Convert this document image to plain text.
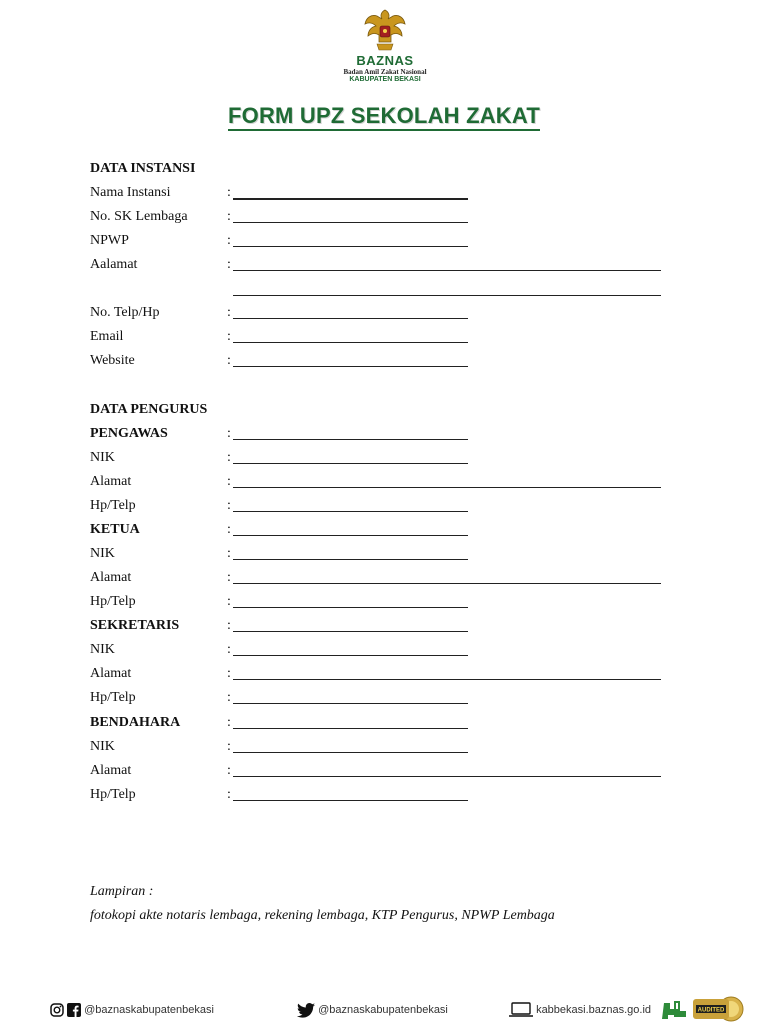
BAZNAS
Badan Amil Zakat Nasional
KABUPATEN BEKASI
FORM UPZ SEKOLAH ZAKAT
DATA INSTANSI
Nama Instansi	:
No. SK Lembaga	:
NPWP	:
Aalamat	:
No. Telp/Hp	:
Email	:
Website	:
DATA PENGURUS
PENGAWAS	:
NIK	:
Alamat	:
Hp/Telp	:
KETUA	:
NIK	:
Alamat	:
Hp/Telp	:
SEKRETARIS	:
NIK	:
Alamat	:
Hp/Telp	:
BENDAHARA	:
NIK	:
Alamat	:
Hp/Telp	:
Lampiran :
fotokopi akte notaris lembaga, rekening lembaga, KTP Pengurus, NPWP Lembaga
@baznaskabupatenbekasi	@baznaskabupatenbekasi	kabbekasi.baznas.go.id
	AUDITED
